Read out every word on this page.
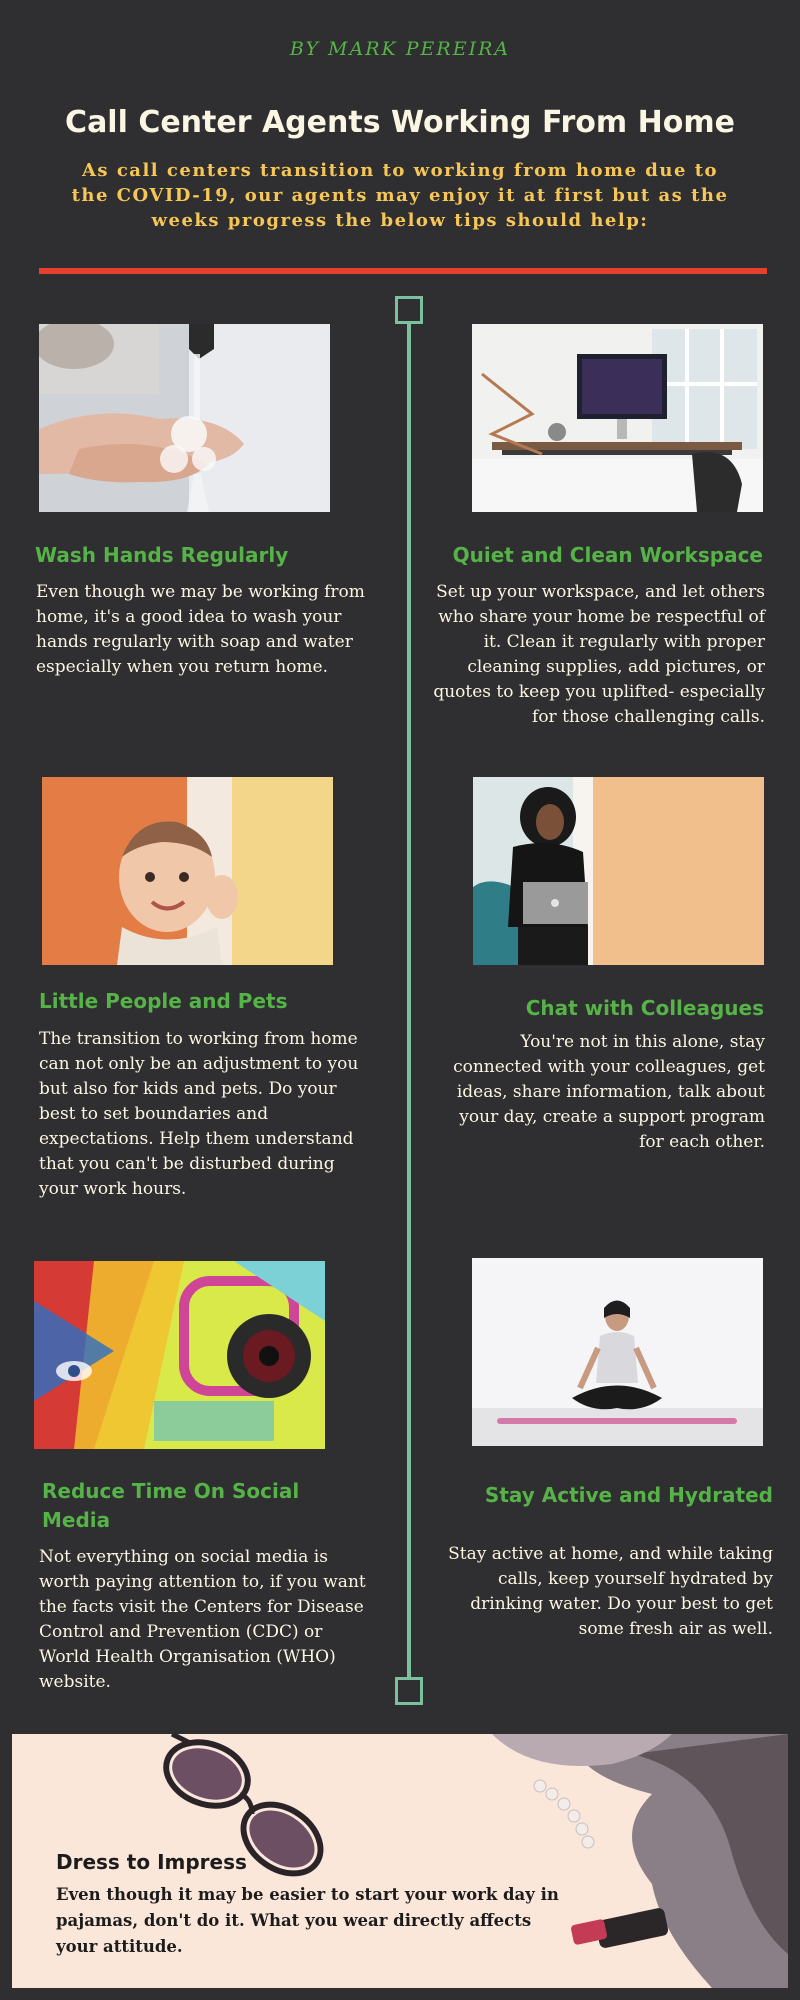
BY MARK PEREIRA
Call Center Agents Working From Home
As call centers transition to working from home due to the COVID-19, our agents may enjoy it at first but as the weeks progress the below tips should help:
Wash Hands Regularly
Even though we may be working from home, it's a good idea to wash your hands regularly with soap and water especially when you return home.
Quiet and Clean Workspace
Set up your workspace, and let others who share your home be respectful of it. Clean it regularly with proper cleaning supplies, add pictures, or quotes to keep you uplifted- especially for those challenging calls.
Little People and Pets
The transition to working from home can not only be an adjustment to you but also for kids and pets. Do your best to set boundaries and expectations. Help them understand that you can't be disturbed during your work hours.
Chat with Colleagues
You're not in this alone, stay connected with your colleagues, get ideas, share information, talk about your day, create a support program for each other.
Reduce Time On Social Media
Not everything on social media is worth paying attention to, if you want the facts visit the Centers for Disease Control and Prevention (CDC) or World Health Organisation (WHO) website.
Stay Active and Hydrated
Stay active at home, and while taking calls, keep yourself hydrated by drinking water. Do your best to get some fresh air as well.
Dress to Impress
Even though it may be easier to start your work day in pajamas, don't do it. What you wear directly affects your attitude.
